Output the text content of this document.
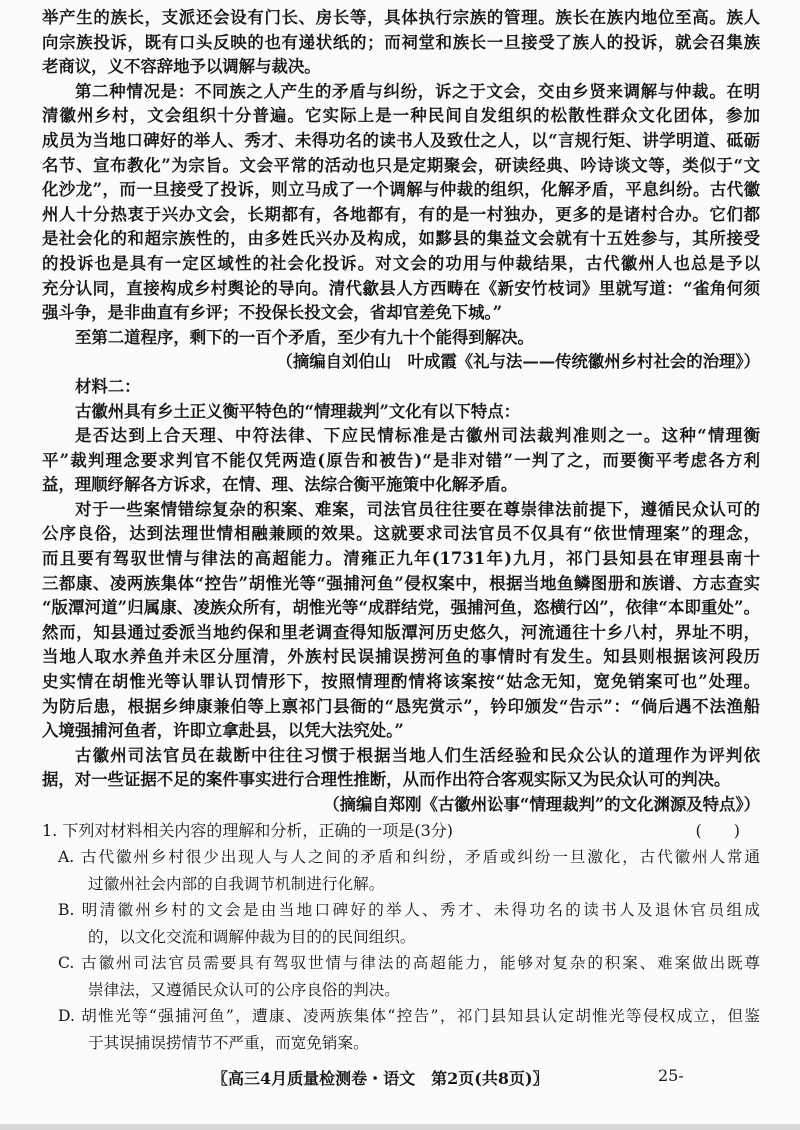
举产生的族长，支派还会设有门长、房长等，具体执行宗族的管理。族长在族内地位至高。族人
向宗族投诉，既有口头反映的也有递状纸的；而祠堂和族长一旦接受了族人的投诉，就会召集族
老商议，义不容辞地予以调解与裁决。
第二种情况是：不同族之人产生的矛盾与纠纷，诉之于文会，交由乡贤来调解与仲裁。在明
清徽州乡村，文会组织十分普遍。它实际上是一种民间自发组织的松散性群众文化团体，参加
成员为当地口碑好的举人、秀才、未得功名的读书人及致仕之人，以“言规行矩、讲学明道、砥砺
名节、宣布教化”为宗旨。文会平常的活动也只是定期聚会，研读经典、吟诗谈文等，类似于“文
化沙龙”，而一旦接受了投诉，则立马成了一个调解与仲裁的组织，化解矛盾，平息纠纷。古代徽
州人十分热衷于兴办文会，长期都有，各地都有，有的是一村独办，更多的是诸村合办。它们都
是社会化的和超宗族性的，由多姓氏兴办及构成，如黟县的集益文会就有十五姓参与，其所接受
的投诉也是具有一定区域性的社会化投诉。对文会的功用与仲裁结果，古代徽州人也总是予以
充分认同，直接构成乡村舆论的导向。清代歙县人方西畴在《新安竹枝词》里就写道：“雀角何须
强斗争，是非曲直有乡评；不投保长投文会，省却官差免下城。”
至第二道程序，剩下的一百个矛盾，至少有九十个能得到解决。
（摘编自刘伯山　叶成霞《礼与法——传统徽州乡村社会的治理》）
材料二：
古徽州具有乡土正义衡平特色的“情理裁判”文化有以下特点：
是否达到上合天理、中符法律、下应民情标准是古徽州司法裁判准则之一。这种“情理衡
平”裁判理念要求判官不能仅凭两造(原告和被告)“是非对错”一判了之，而要衡平考虑各方利
益，理顺纾解各方诉求，在情、理、法综合衡平施策中化解矛盾。
对于一些案情错综复杂的积案、难案，司法官员往往要在尊崇律法前提下，遵循民众认可的
公序良俗，达到法理世情相融兼顾的效果。这就要求司法官员不仅具有“依世情理案”的理念，
而且要有驾驭世情与律法的高超能力。清雍正九年(1731年)九月，祁门县知县在审理县南十
三都康、凌两族集体“控告”胡惟光等“强捕河鱼”侵权案中，根据当地鱼鳞图册和族谱、方志查实
“版潭河道”归属康、凌族众所有，胡惟光等“成群结党，强捕河鱼，恣横行凶”，依律“本即重处”。
然而，知县通过委派当地约保和里老调查得知版潭河历史悠久，河流通往十乡八村，界址不明，
当地人取水养鱼并未区分厘清，外族村民误捕误捞河鱼的事情时有发生。知县则根据该河段历
史实情在胡惟光等认罪认罚情形下，按照情理酌情将该案按“姑念无知，宽免销案可也”处理。
为防后患，根据乡绅康兼伯等上禀祁门县衙的“恳宪赏示”，钤印颁发“告示”：“倘后遇不法渔船
入境强捕河鱼者，许即立拿赴县，以凭大法究处。”
古徽州司法官员在裁断中往往习惯于根据当地人们生活经验和民众公认的道理作为评判依
据，对一些证据不足的案件事实进行合理性推断，从而作出符合客观实际又为民众认可的判决。
（摘编自郑刚《古徽州讼事“情理裁判”的文化渊源及特点》）
1. 下列对材料相关内容的理解和分析，正确的一项是(3分)	(　　)
A. 古代徽州乡村很少出现人与人之间的矛盾和纠纷，矛盾或纠纷一旦激化，古代徽州人常通
过徽州社会内部的自我调节机制进行化解。
B. 明清徽州乡村的文会是由当地口碑好的举人、秀才、未得功名的读书人及退休官员组成
的，以文化交流和调解仲裁为目的的民间组织。
C. 古徽州司法官员需要具有驾驭世情与律法的高超能力，能够对复杂的积案、难案做出既尊
崇律法，又遵循民众认可的公序良俗的判决。
D. 胡惟光等“强捕河鱼”，遭康、凌两族集体“控告”，祁门县知县认定胡惟光等侵权成立，但鉴
于其误捕误捞情节不严重，而宽免销案。
〖高三4月质量检测卷・语文　第2页(共8页)〗	25-
